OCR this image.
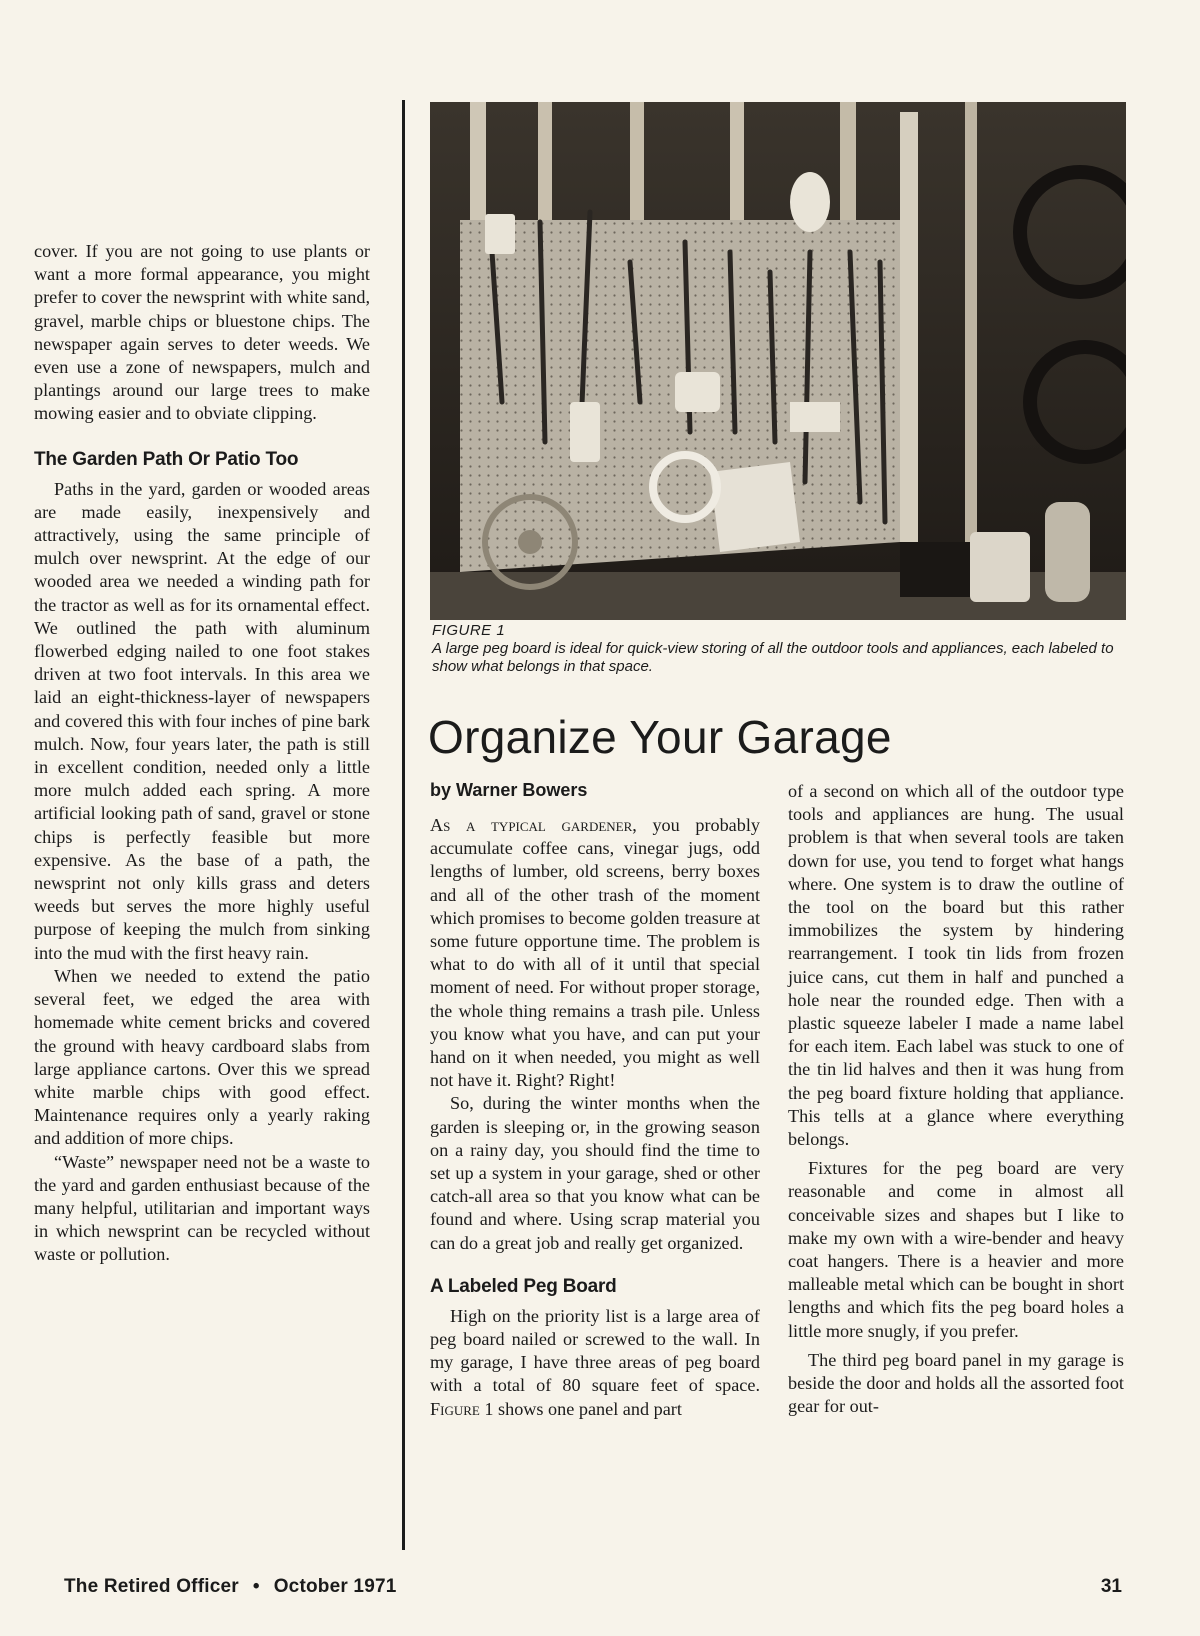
cover. If you are not going to use plants or want a more formal appearance, you might prefer to cover the newsprint with white sand, gravel, marble chips or bluestone chips. The newspaper again serves to deter weeds. We even use a zone of newspapers, mulch and plantings around our large trees to make mowing easier and to obviate clipping.

The Garden Path Or Patio Too

Paths in the yard, garden or wooded areas are made easily, inexpensively and attractively, using the same principle of mulch over newsprint. At the edge of our wooded area we needed a winding path for the tractor as well as for its ornamental effect. We outlined the path with aluminum flowerbed edging nailed to one foot stakes driven at two foot intervals. In this area we laid an eight-thickness-layer of newspapers and covered this with four inches of pine bark mulch. Now, four years later, the path is still in excellent condition, needed only a little more mulch added each spring. A more artificial looking path of sand, gravel or stone chips is perfectly feasible but more expensive. As the base of a path, the newsprint not only kills grass and deters weeds but serves the more highly useful purpose of keeping the mulch from sinking into the mud with the first heavy rain.

When we needed to extend the patio several feet, we edged the area with homemade white cement bricks and covered the ground with heavy cardboard slabs from large appliance cartons. Over this we spread white marble chips with good effect. Maintenance requires only a yearly raking and addition of more chips.

“Waste” newspaper need not be a waste to the yard and garden enthusiast because of the many helpful, utilitarian and important ways in which newsprint can be recycled without waste or pollution.

FIGURE 1
A large peg board is ideal for quick-view storing of all the outdoor tools and appliances, each labeled to show what belongs in that space.
Organize Your Garage
by Warner Bowers

As a typical gardener, you probably accumulate coffee cans, vinegar jugs, odd lengths of lumber, old screens, berry boxes and all of the other trash of the moment which promises to become golden treasure at some future opportune time. The problem is what to do with all of it until that special moment of need. For without proper storage, the whole thing remains a trash pile. Unless you know what you have, and can put your hand on it when needed, you might as well not have it. Right? Right!

So, during the winter months when the garden is sleeping or, in the growing season on a rainy day, you should find the time to set up a system in your garage, shed or other catch-all area so that you know what can be found and where. Using scrap material you can do a great job and really get organized.

A Labeled Peg Board

High on the priority list is a large area of peg board nailed or screwed to the wall. In my garage, I have three areas of peg board with a total of 80 square feet of space. Figure 1 shows one panel and part

of a second on which all of the outdoor type tools and appliances are hung. The usual problem is that when several tools are taken down for use, you tend to forget what hangs where. One system is to draw the outline of the tool on the board but this rather immobilizes the system by hindering rearrangement. I took tin lids from frozen juice cans, cut them in half and punched a hole near the rounded edge. Then with a plastic squeeze labeler I made a name label for each item. Each label was stuck to one of the tin lid halves and then it was hung from the peg board fixture holding that appliance. This tells at a glance where everything belongs.

Fixtures for the peg board are very reasonable and come in almost all conceivable sizes and shapes but I like to make my own with a wire-bender and heavy coat hangers. There is a heavier and more malleable metal which can be bought in short lengths and which fits the peg board holes a little more snugly, if you prefer.

The third peg board panel in my garage is beside the door and holds all the assorted foot gear for out-

The Retired Officer • October 1971	31
